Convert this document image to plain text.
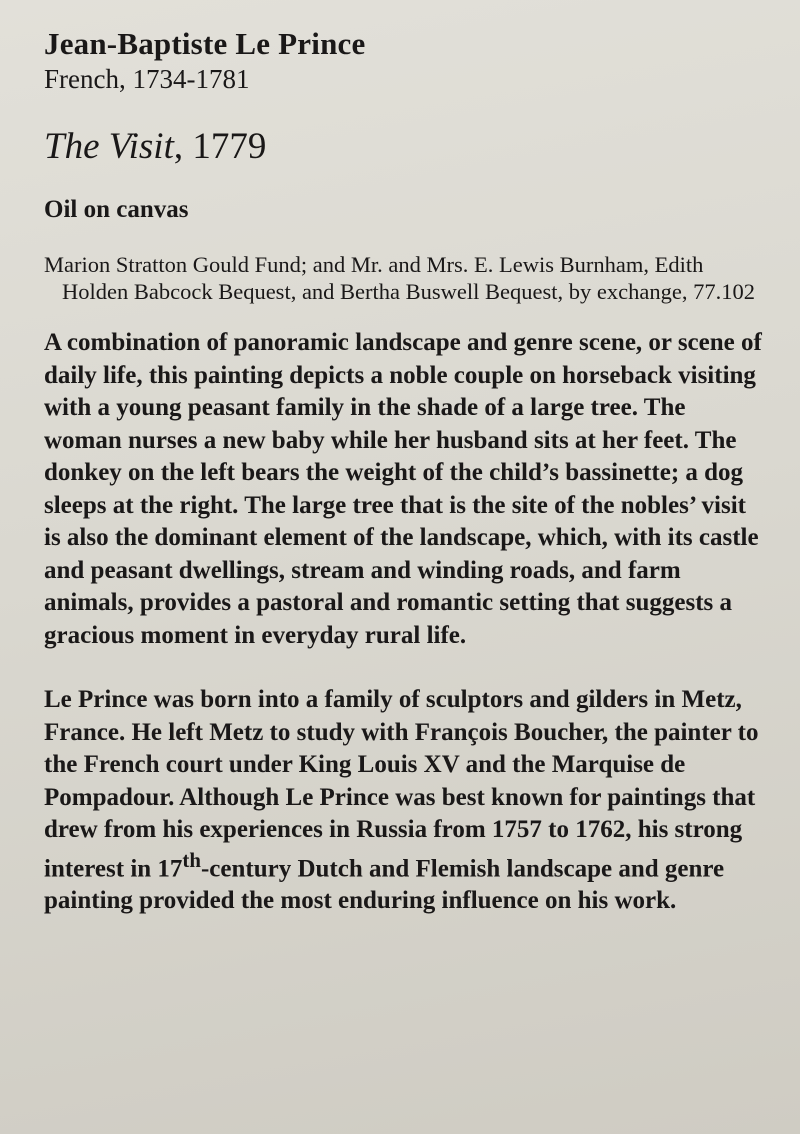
Jean-Baptiste Le Prince

French, 1734-1781

The Visit, 1779

Oil on canvas

Marion Stratton Gould Fund; and Mr. and Mrs. E. Lewis Burnham, Edith Holden Babcock Bequest, and Bertha Buswell Bequest, by exchange, 77.102

A combination of panoramic landscape and genre scene, or scene of daily life, this painting depicts a noble couple on horseback visiting with a young peasant family in the shade of a large tree. The woman nurses a new baby while her husband sits at her feet. The donkey on the left bears the weight of the child’s bassinette; a dog sleeps at the right. The large tree that is the site of the nobles’ visit is also the dominant element of the landscape, which, with its castle and peasant dwellings, stream and winding roads, and farm animals, provides a pastoral and romantic setting that suggests a gracious moment in everyday rural life.

Le Prince was born into a family of sculptors and gilders in Metz, France. He left Metz to study with François Boucher, the painter to the French court under King Louis XV and the Marquise de Pompadour. Although Le Prince was best known for paintings that drew from his experiences in Russia from 1757 to 1762, his strong interest in 17th-century Dutch and Flemish landscape and genre painting provided the most enduring influence on his work.
